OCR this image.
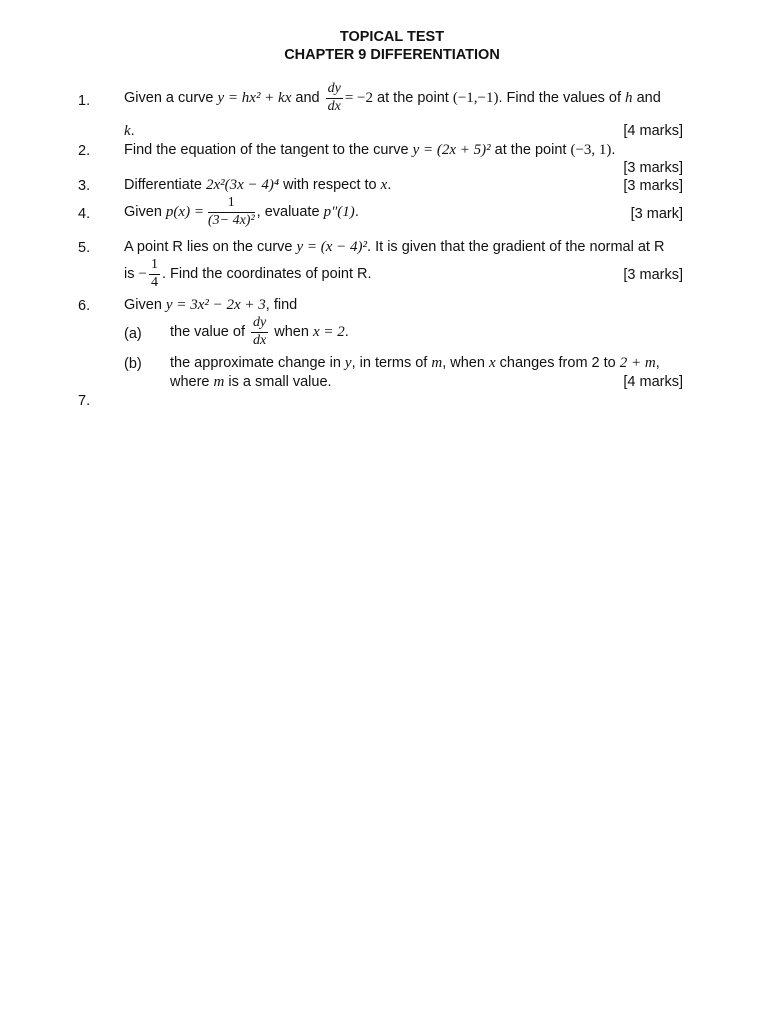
TOPICAL TEST
CHAPTER 9 DIFFERENTIATION
1. Given a curve y = hx² + kx and $\frac{dy}{dx} = -2$ at the point (−1,−1). Find the values of h and
k.	[4 marks]
2. Find the equation of the tangent to the curve y = (2x + 5)² at the point (−3, 1).
[3 marks]
3. Differentiate 2x²(3x − 4)⁴ with respect to x.	[3 marks]
4. Given $p(x) = \frac{1}{\text{(3− 4x)²}}$ , evaluate p″(1).	[3 mark]
5. A point R lies on the curve y = (x − 4)². It is given that the gradient of the normal at R
is − $\frac{1}{4}$ . Find the coordinates of point R.	[3 marks]
6. Given y = 3x² − 2x + 3, find
(a) the value of $\frac{dy}{dx}$ when x = 2.
(b) the approximate change in y, in terms of m, when x changes from 2 to 2 + m,
where m is a small value.	[4 marks]
7.
